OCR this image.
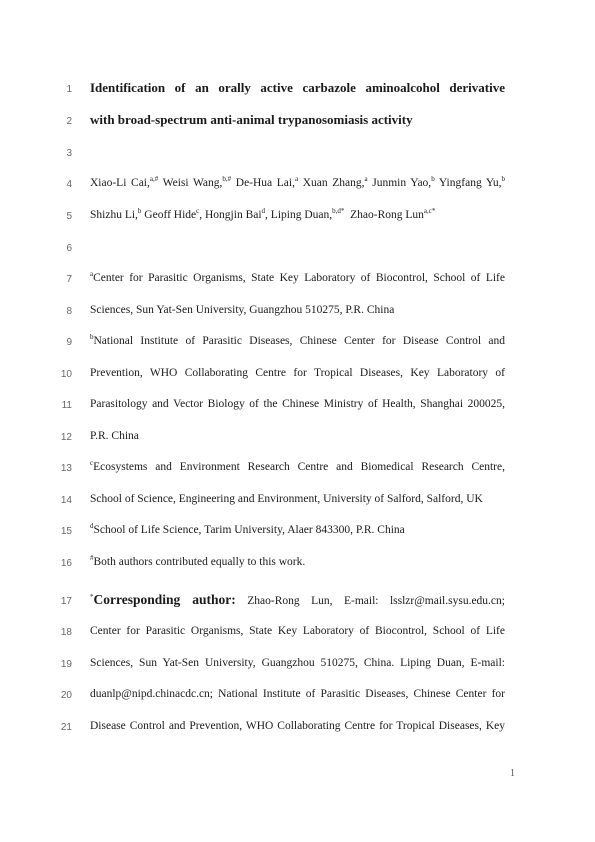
1 Identification of an orally active carbazole aminoalcohol derivative
2 with broad-spectrum anti-animal trypanosomiasis activity
3
4 Xiao-Li Cai,$^{a,\#}$ Weisi Wang,$^{b,\#}$ De-Hua Lai,$^a$ Xuan Zhang,$^a$ Junmin Yao,$^b$ Yingfang Yu,$^b$
5 Shizhu Li,$^b$ Geoff Hide$^c$, Hongjin Bai$^d$, Liping Duan,$^{b,d*}$ Zhao-Rong Lun$^{a,c*}$
6
7	$^a$Center for Parasitic Organisms, State Key Laboratory of Biocontrol, School of Life
8 Sciences, Sun Yat-Sen University, Guangzhou 510275, P.R. China
9	$^b$National Institute of Parasitic Diseases, Chinese Center for Disease Control and
10 Prevention, WHO Collaborating Centre for Tropical Diseases, Key Laboratory of
11 Parasitology and Vector Biology of the Chinese Ministry of Health, Shanghai 200025,
12 P.R. China
13	$^c$Ecosystems and Environment Research Centre and Biomedical Research Centre,
14 School of Science, Engineering and Environment, University of Salford, Salford, UK
15	$^d$School of Life Science, Tarim University, Alaer 843300, P.R. China
16	#Both authors contributed equally to this work.
17	*Corresponding author: Zhao-Rong Lun, E-mail: lsslzr@mail.sysu.edu.cn;
18 Center for Parasitic Organisms, State Key Laboratory of Biocontrol, School of Life
19 Sciences, Sun Yat-Sen University, Guangzhou 510275, China. Liping Duan, E-mail:
20 duanlp@nipd.chinacdc.cn; National Institute of Parasitic Diseases, Chinese Center for
21 Disease Control and Prevention, WHO Collaborating Centre for Tropical Diseases, Key
1
